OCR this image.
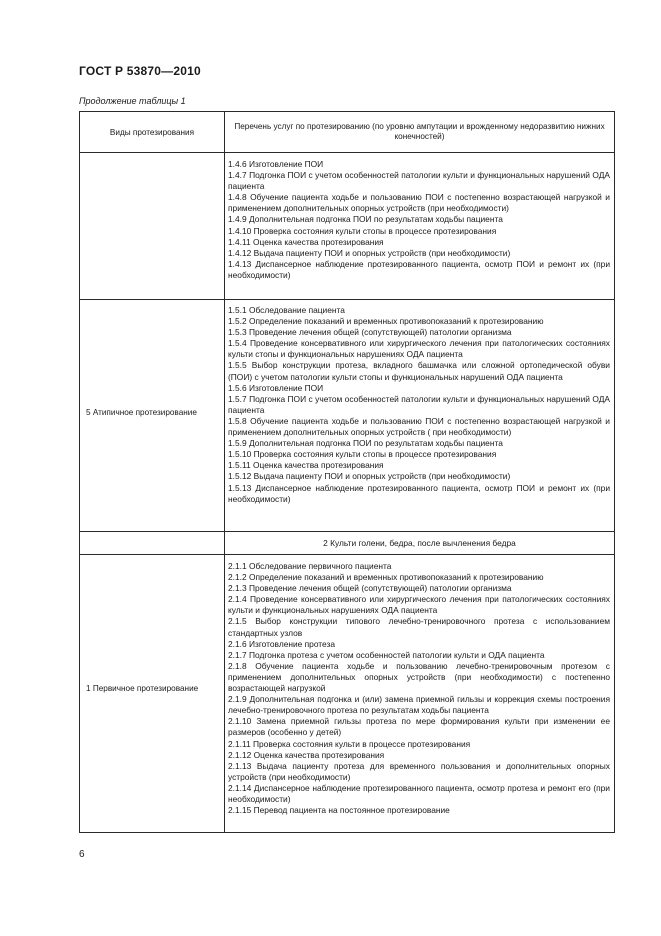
ГОСТ Р 53870—2010
Продолжение таблицы 1
Виды протезирования
Перечень услуг по протезированию (по уровню ампутации и врожденному недоразвитию нижних конечностей)
1.4.6 Изготовление ПОИ
1.4.7 Подгонка ПОИ с учетом особенностей патологии культи и функциональных нарушений ОДА пациента
1.4.8 Обучение пациента ходьбе и пользованию ПОИ с постепенно возрастающей нагрузкой и применением дополнительных опорных устройств (при необходимости)
1.4.9 Дополнительная подгонка ПОИ по результатам ходьбы пациента
1.4.10 Проверка состояния культи стопы в процессе протезирования
1.4.11 Оценка качества протезирования
1.4.12 Выдача пациенту ПОИ и опорных устройств (при необходимости)
1.4.13 Диспансерное наблюдение протезированного пациента, осмотр ПОИ и ремонт их (при необходимости)
5 Атипичное протезирование
1.5.1 Обследование пациента
1.5.2 Определение показаний и временных противопоказаний к протезированию
1.5.3 Проведение лечения общей (сопутствующей) патологии организма
1.5.4 Проведение консервативного или хирургического лечения при патологических состояниях культи стопы и функциональных нарушениях ОДА пациента
1.5.5 Выбор конструкции протеза, вкладного башмачка или сложной ортопедической обуви (ПОИ) с учетом патологии культи стопы и функциональных нарушений ОДА пациента
1.5.6 Изготовление ПОИ
1.5.7 Подгонка ПОИ с учетом особенностей патологии культи и функциональных нарушений ОДА пациента
1.5.8 Обучение пациента ходьбе и пользованию ПОИ с постепенно возрастающей нагрузкой и применением дополнительных опорных устройств ( при необходимости)
1.5.9 Дополнительная подгонка ПОИ по результатам ходьбы пациента
1.5.10 Проверка состояния культи стопы в процессе протезирования
1.5.11 Оценка качества протезирования
1.5.12 Выдача пациенту ПОИ и опорных устройств (при необходимости)
1.5.13 Диспансерное наблюдение протезированного пациента, осмотр ПОИ и ремонт их (при необходимости)
2 Культи голени, бедра, после вычленения бедра
1 Первичное протезирование
2.1.1 Обследование первичного пациента
2.1.2 Определение показаний и временных противопоказаний к протезированию
2.1.3 Проведение лечения общей (сопутствующей) патологии организма
2.1.4 Проведение консервативного или хирургического лечения при патологических состояниях культи и функциональных нарушениях ОДА пациента
2.1.5 Выбор конструкции типового лечебно-тренировочного протеза с использованием стандартных узлов
2.1.6 Изготовление протеза
2.1.7 Подгонка протеза с учетом особенностей патологии культи и ОДА пациента
2.1.8 Обучение пациента ходьбе и пользованию лечебно-тренировочным протезом с применением дополнительных опорных устройств (при необходимости) с постепенно возрастающей нагрузкой
2.1.9 Дополнительная подгонка и (или) замена приемной гильзы и коррекция схемы построения лечебно-тренировочного протеза по результатам ходьбы пациента
2.1.10 Замена приемной гильзы протеза по мере формирования культи при изменении ее размеров (особенно у детей)
2.1.11 Проверка состояния культи в процессе протезирования
2.1.12 Оценка качества протезирования
2.1.13 Выдача пациенту протеза для временного пользования и дополнительных опорных устройств (при необходимости)
2.1.14 Диспансерное наблюдение протезированного пациента, осмотр протеза и ремонт его (при необходимости)
2.1.15 Перевод пациента на постоянное протезирование
6
